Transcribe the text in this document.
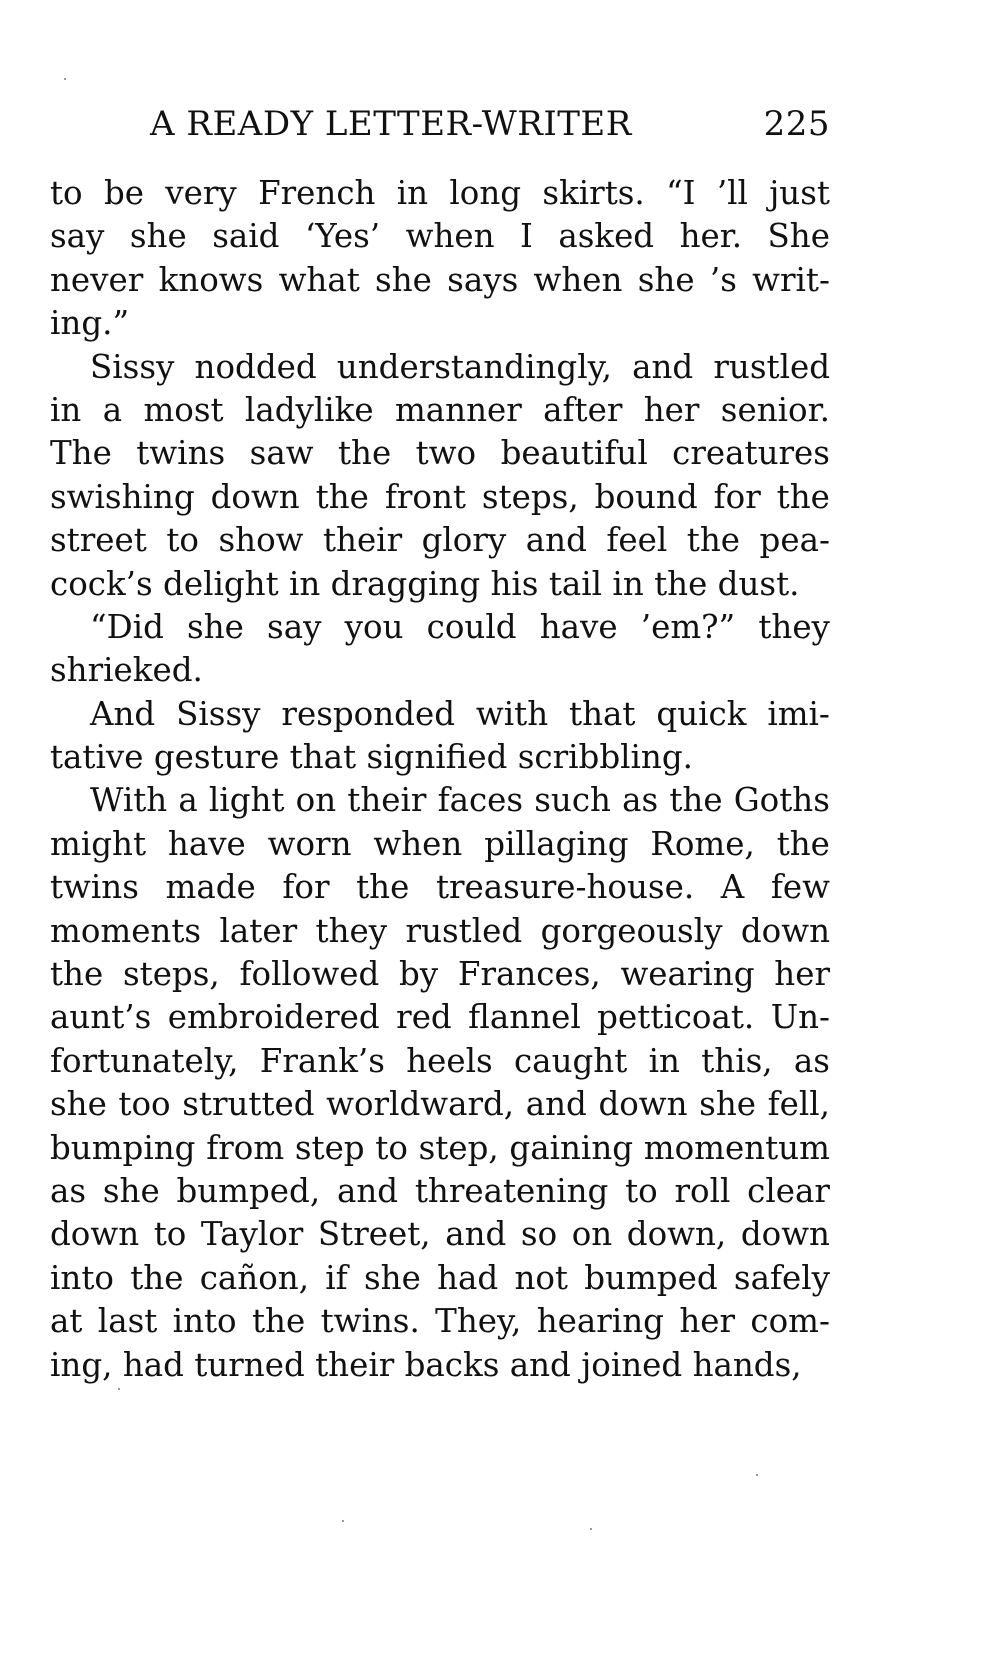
A READY LETTER-WRITER	225
to be very French in long skirts. “I ’ll just
say she said ‘Yes’ when I asked her. She
never knows what she says when she ’s writ-
ing.”
Sissy nodded understandingly, and rustled
in a most ladylike manner after her senior.
The twins saw the two beautiful creatures
swishing down the front steps, bound for the
street to show their glory and feel the pea-
cock’s delight in dragging his tail in the dust.
“Did she say you could have ’em?” they
shrieked.
And Sissy responded with that quick imi-
tative gesture that signified scribbling.
With a light on their faces such as the Goths
might have worn when pillaging Rome, the
twins made for the treasure-house. A few
moments later they rustled gorgeously down
the steps, followed by Frances, wearing her
aunt’s embroidered red flannel petticoat. Un-
fortunately, Frank’s heels caught in this, as
she too strutted worldward, and down she fell,
bumping from step to step, gaining momentum
as she bumped, and threatening to roll clear
down to Taylor Street, and so on down, down
into the cañon, if she had not bumped safely
at last into the twins. They, hearing her com-
ing, had turned their backs and joined hands,
